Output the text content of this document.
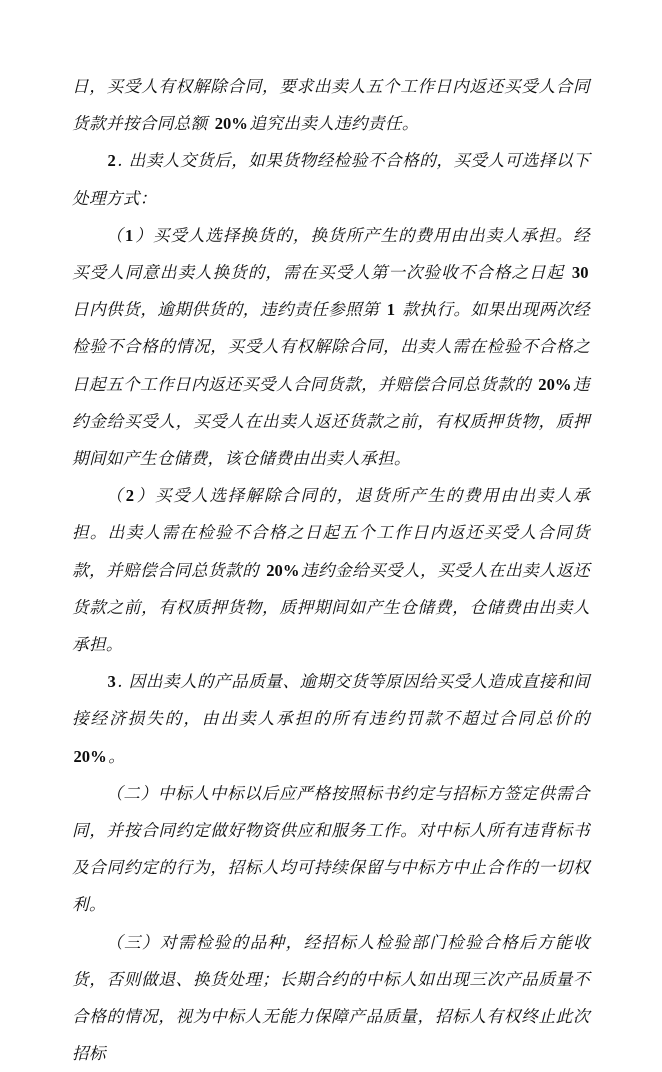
日，买受人有权解除合同，要求出卖人五个工作日内返还买受人合同货款并按合同总额 20%追究出卖人违约责任。

2. 出卖人交货后，如果货物经检验不合格的，买受人可选择以下处理方式：

（1）买受人选择换货的，换货所产生的费用由出卖人承担。经买受人同意出卖人换货的，需在买受人第一次验收不合格之日起 30 日内供货，逾期供货的，违约责任参照第 1 款执行。如果出现两次经检验不合格的情况，买受人有权解除合同，出卖人需在检验不合格之日起五个工作日内返还买受人合同货款，并赔偿合同总货款的 20%违约金给买受人，买受人在出卖人返还货款之前，有权质押货物，质押期间如产生仓储费，该仓储费由出卖人承担。

（2）买受人选择解除合同的，退货所产生的费用由出卖人承担。出卖人需在检验不合格之日起五个工作日内返还买受人合同货款，并赔偿合同总货款的 20%违约金给买受人，买受人在出卖人返还货款之前，有权质押货物，质押期间如产生仓储费，仓储费由出卖人承担。

3. 因出卖人的产品质量、逾期交货等原因给买受人造成直接和间接经济损失的，由出卖人承担的所有违约罚款不超过合同总价的 20%。

（二）中标人中标以后应严格按照标书约定与招标方签定供需合同，并按合同约定做好物资供应和服务工作。对中标人所有违背标书及合同约定的行为，招标人均可持续保留与中标方中止合作的一切权利。

（三）对需检验的品种，经招标人检验部门检验合格后方能收货，否则做退、换货处理；长期合约的中标人如出现三次产品质量不合格的情况，视为中标人无能力保障产品质量，招标人有权终止此次招标
